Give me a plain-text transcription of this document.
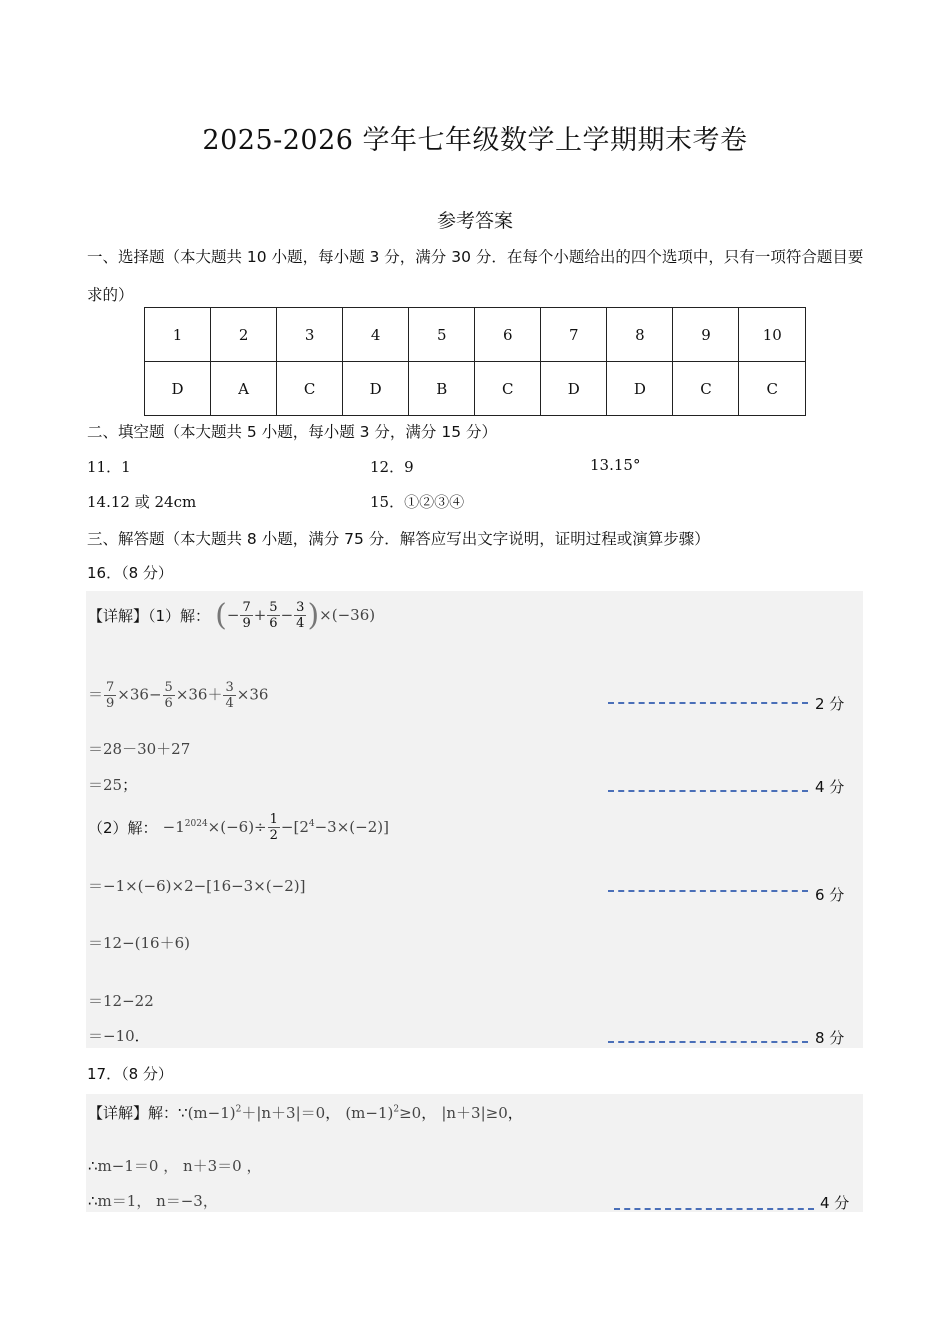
2025-2026 学年七年级数学上学期期末考卷
参考答案
一、选择题（本大题共 10 小题，每小题 3 分，满分 30 分．在每个小题给出的四个选项中，只有一项符合题目要求的）
1	2	3	4	5	6	7	8	9	10
D	A	C	D	B	C	D	D	C	C
二、填空题（本大题共 5 小题，每小题 3 分，满分 15 分）
11．1	12．9	13.15°
14.12 或 24cm	15．①②③④
三、解答题（本大题共 8 小题，满分 75 分．解答应写出文字说明，证明过程或演算步骤）
16．（8 分）
【详解】（1）解： (− $\frac{7}{9} + \frac{5}{6} - \frac{3}{4} )\times(-36)$
＝ $\frac{7}{9} \times 36- \frac{5}{6} \times 36+ \frac{3}{4} \times 36$
2 分
＝28－30＋27
＝25；	4 分
（2）解： $-1^{2024}\times(-6)\div \frac{1}{2} -[2^4-3\times(-2)]$
＝−1×(−6)×2−[16−3×(−2)]	6 分
＝12−(16＋6)
＝12−22
＝−10．	8 分
17．（8 分）
【详解】解：$\because(m-1)^2+|n+3|=0$， $(m-1)^2\ge 0$， |n＋3|≥0，
∴m−1＝0 ， n＋3＝0 ，
∴m＝1， n＝−3，	4 分
